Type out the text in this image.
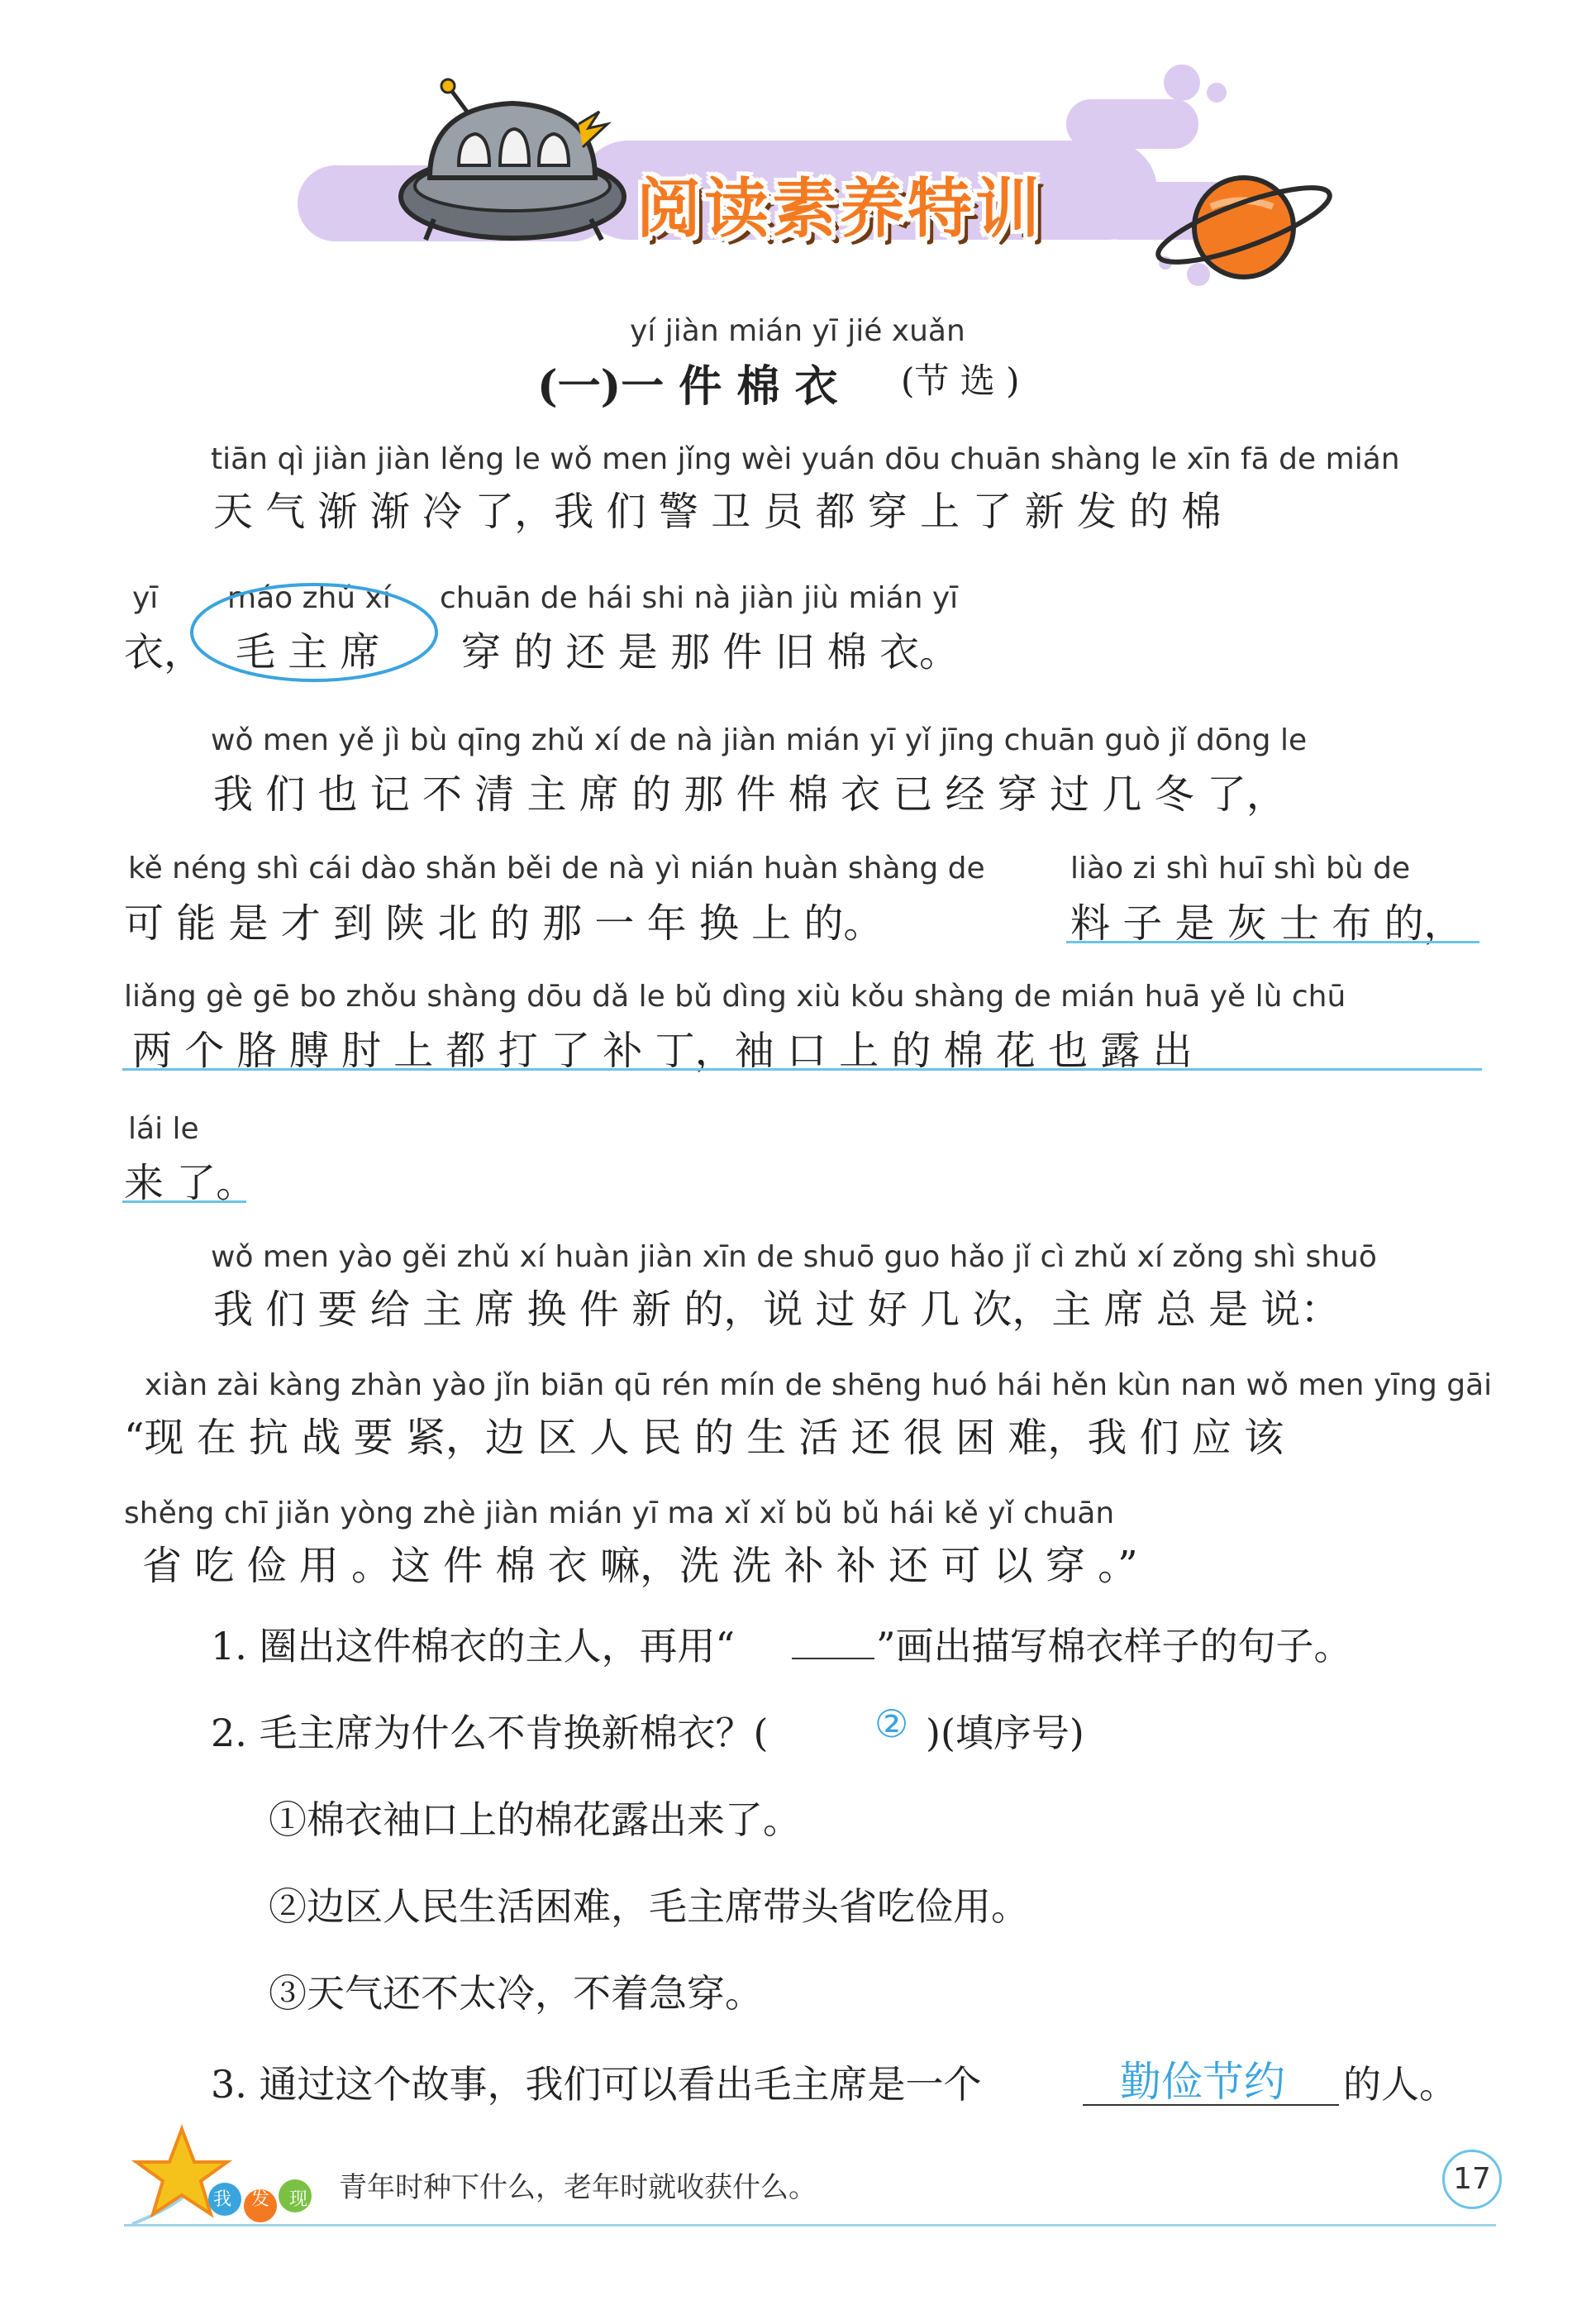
阅读素养特训
yí jiàn mián yī jié xuǎn
(一)一 件 棉 衣 (节 选 )
tiān qì jiàn jiàn lěng le wǒ men jǐng wèi yuán dōu chuān shàng le xīn fā de mián
天 气 渐 渐 冷 了，我 们 警 卫 员 都 穿 上 了 新 发 的 棉
yī máo zhǔ xí chuān de hái shi nà jiàn jiù mián yī
衣， 毛 主 席 穿 的 还 是 那 件 旧 棉 衣。
wǒ men yě jì bù qīng zhǔ xí de nà jiàn mián yī yǐ jīng chuān guò jǐ dōng le
我 们 也 记 不 清 主 席 的 那 件 棉 衣 已 经 穿 过 几 冬 了，
kě néng shì cái dào shǎn běi de nà yì nián huàn shàng de	liào zi shì huī shì bù de
可 能 是 才 到 陕 北 的 那 一 年 换 上 的。	料 子 是 灰 士 布 的，
liǎng gè gē bo zhǒu shàng dōu dǎ le bǔ dìng xiù kǒu shàng de mián huā yě lù chū
两 个 胳 膊 肘 上 都 打 了 补 丁，袖 口 上 的 棉 花 也 露 出
lái le
来 了。
wǒ men yào gěi zhǔ xí huàn jiàn xīn de shuō guo hǎo jǐ cì zhǔ xí zǒng shì shuō
我 们 要 给 主 席 换 件 新 的，说 过 好 几 次，主 席 总 是 说：
xiàn zài kàng zhàn yào jǐn biān qū rén mín de shēng huó hái hěn kùn nan wǒ men yīng gāi
“现 在 抗 战 要 紧，边 区 人 民 的 生 活 还 很 困 难，我 们 应 该
shěng chī jiǎn yòng zhè jiàn mián yī ma xǐ xǐ bǔ bǔ hái kě yǐ chuān
省 吃 俭 用 。这 件 棉 衣 嘛，洗 洗 补 补 还 可 以 穿 。”
1. 圈出这件棉衣的主人，再用“	”画出描写棉衣样子的句子。
2. 毛主席为什么不肯换新棉衣？(	② )(填序号)
①棉衣袖口上的棉花露出来了。
②边区人民生活困难，毛主席带头省吃俭用。
③天气还不太冷，不着急穿。
3. 通过这个故事，我们可以看出毛主席是一个	勤俭节约 的人。
我发现 青年时种下什么，老年时就收获什么。	17
